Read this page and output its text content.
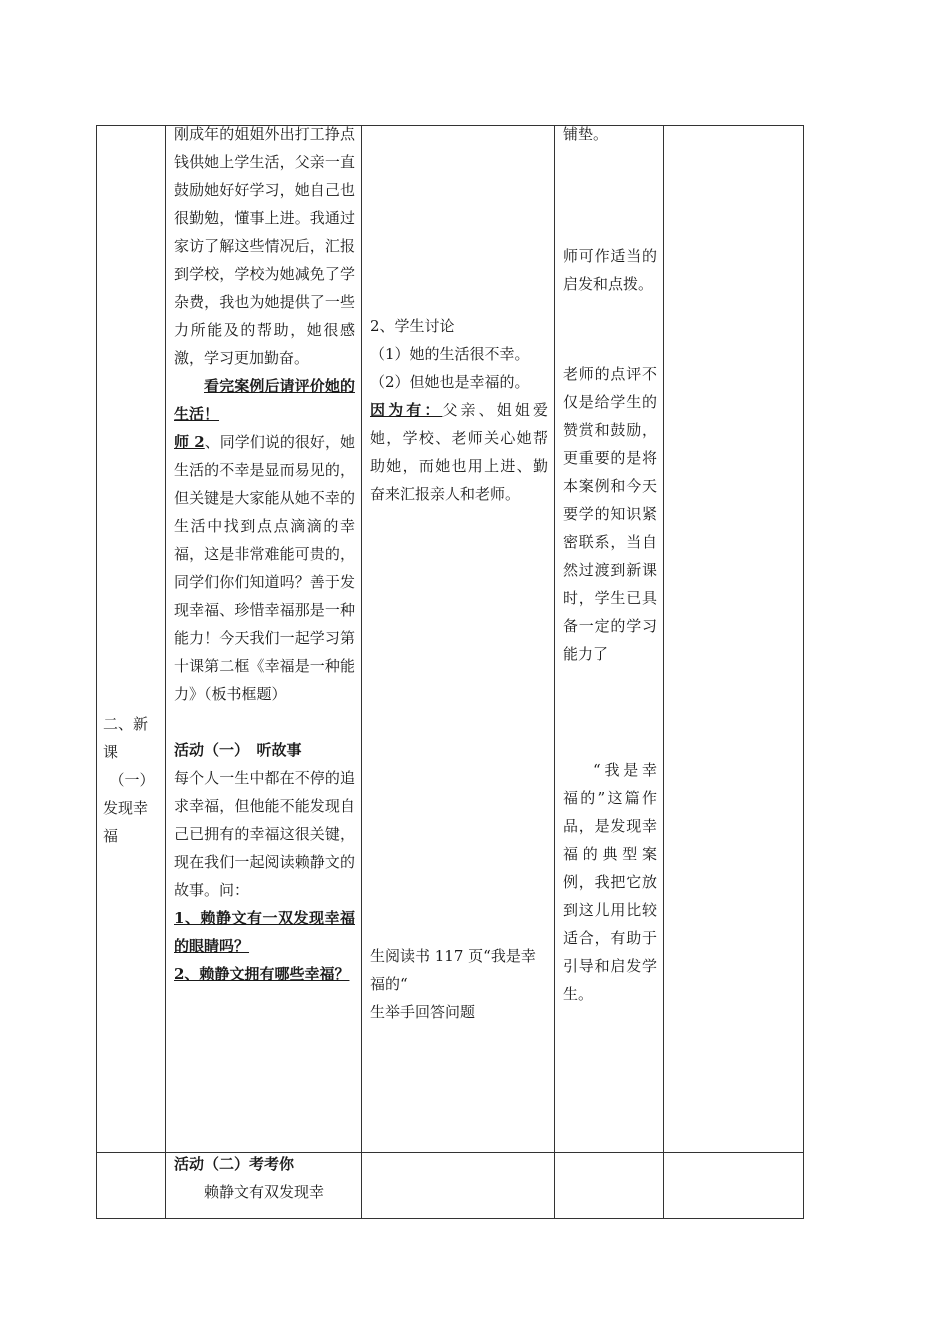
二、新课

（一）

发现幸福

刚成年的姐姐外出打工挣点钱供她上学生活，父亲一直鼓励她好好学习，她自己也很勤勉，懂事上进。我通过家访了解这些情况后，汇报到学校，学校为她减免了学杂费，我也为她提供了一些力所能及的帮助，她很感激，学习更加勤奋。

看完案例后请评价她的生活！

师 2、同学们说的很好，她生活的不幸是显而易见的，但关键是大家能从她不幸的生活中找到点点滴滴的幸福，这是非常难能可贵的，同学们你们知道吗？善于发现幸福、珍惜幸福那是一种能力！今天我们一起学习第十课第二框《幸福是一种能力》（板书框题）

活动（一）　听故事

每个人一生中都在不停的追求幸福，但他能不能发现自己已拥有的幸福这很关键，现在我们一起阅读赖静文的故事。问：

1、赖静文有一双发现幸福的眼睛吗？

2、赖静文拥有哪些幸福？

2、学生讨论

（1）她的生活很不幸。

（2）但她也是幸福的。

因为有：父亲、姐姐爱她，学校、老师关心她帮助她，而她也用上进、勤奋来汇报亲人和老师。

生阅读书 117 页“我是幸福的“

生举手回答问题

铺垫。

师可作适当的启发和点拨。

老师的点评不仅是给学生的赞赏和鼓励，更重要的是将本案例和今天要学的知识紧密联系，当自然过渡到新课时，学生已具备一定的学习能力了

“我是幸福的”这篇作品，是发现幸福的典型案例，我把它放到这儿用比较适合，有助于引导和启发学生。

活动（二）考考你

赖静文有双发现幸
